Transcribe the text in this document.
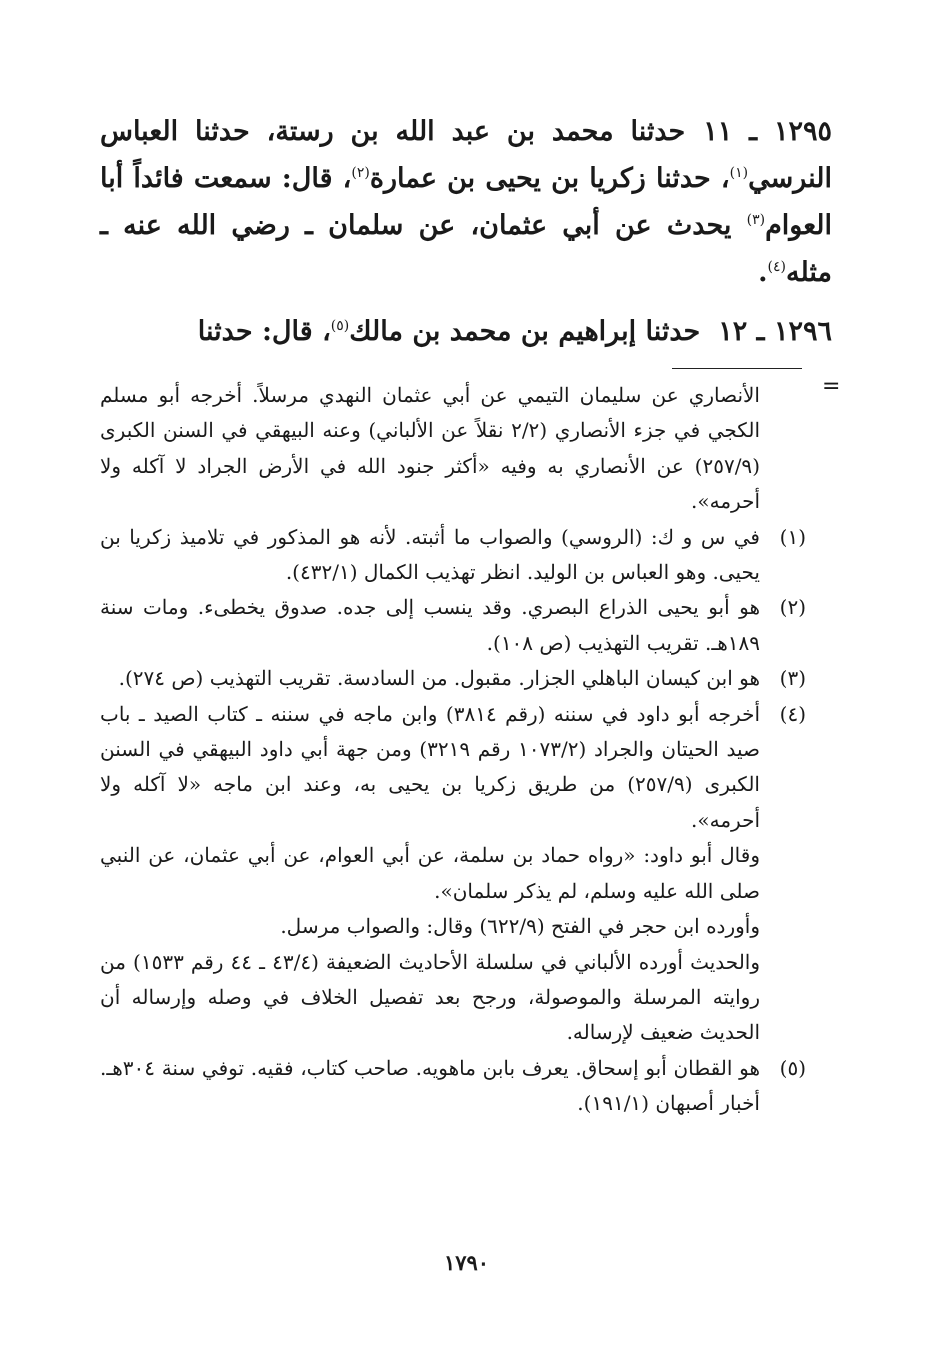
١٢٩٥ ـ ١١حدثنا محمد بن عبد الله بن رستة، حدثنا العباس النرسي$^{(١)}$، حدثنا زكريا بن يحيى بن عمارة$^{(٢)}$، قال: سمعت فائداً أبا العوام$^{(٣)}$ يحدث عن أبي عثمان، عن سلمان ـ رضي الله عنه ـ مثله$^{(٤)}$.

١٢٩٦ ـ ١٢حدثنا إبراهيم بن محمد بن مالك$^{(٥)}$، قال: حدثنا

=
الأنصاري عن سليمان التيمي عن أبي عثمان النهدي مرسلاً. أخرجه أبو مسلم الكجي في جزء الأنصاري (٢/٢ نقلاً عن الألباني) وعنه البيهقي في السنن الكبرى (٢٥٧/٩) عن الأنصاري به وفيه «أكثر جنود الله في الأرض الجراد لا آكله ولا أحرمه».
(١)
في س و ك: (الروسي) والصواب ما أثبته. لأنه هو المذكور في تلاميذ زكريا بن يحيى. وهو العباس بن الوليد. انظر تهذيب الكمال (٤٣٢/١).
(٢)
هو أبو يحيى الذراع البصري. وقد ينسب إلى جده. صدوق يخطىء. ومات سنة ١٨٩هـ. تقريب التهذيب (ص ١٠٨).
(٣)
هو ابن كيسان الباهلي الجزار. مقبول. من السادسة. تقريب التهذيب (ص ٢٧٤).
(٤)
أخرجه أبو داود في سننه (رقم ٣٨١٤) وابن ماجه في سننه ـ كتاب الصيد ـ باب صيد الحيتان والجراد (١٠٧٣/٢ رقم ٣٢١٩) ومن جهة أبي داود البيهقي في السنن الكبرى (٢٥٧/٩) من طريق زكريا بن يحيى به، وعند ابن ماجه «لا آكله ولا أحرمه».
وقال أبو داود: «رواه حماد بن سلمة، عن أبي العوام، عن أبي عثمان، عن النبي صلى الله عليه وسلم، لم يذكر سلمان».
وأورده ابن حجر في الفتح (٦٢٢/٩) وقال: والصواب مرسل.
والحديث أورده الألباني في سلسلة الأحاديث الضعيفة (٤٣/٤ ـ ٤٤ رقم ١٥٣٣) من روايته المرسلة والموصولة، ورجح بعد تفصيل الخلاف في وصله وإرساله أن الحديث ضعيف لإرساله.
(٥)
هو القطان أبو إسحاق. يعرف بابن ماهويه. صاحب كتاب، فقيه. توفي سنة ٣٠٤هـ. أخبار أصبهان (١٩١/١).
١٧٩٠
